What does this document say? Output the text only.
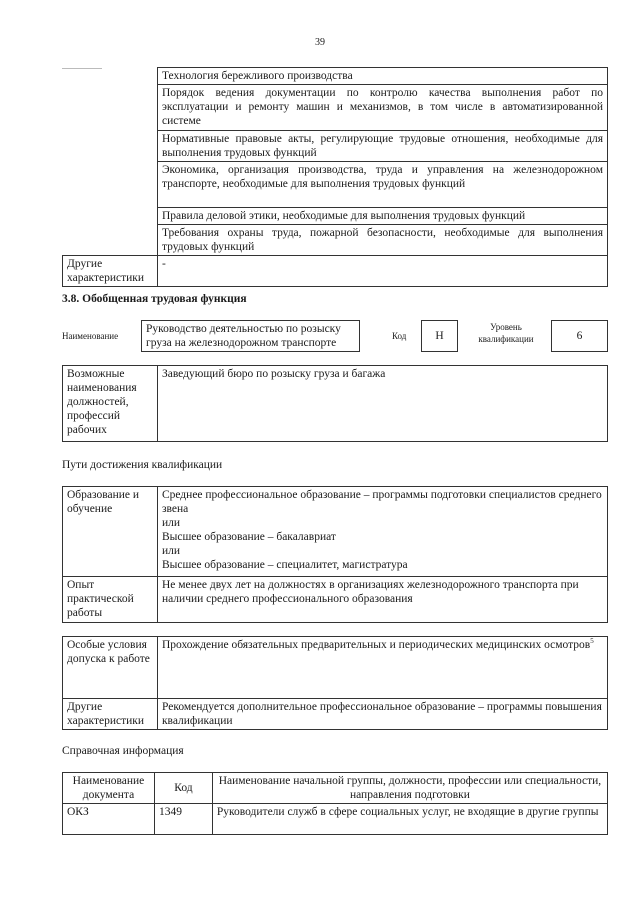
39
	Технология бережливого производства
	Порядок ведения документации по контролю качества выполнения работ по эксплуатации и ремонту машин и механизмов, в том числе в автоматизированной системе
	Нормативные правовые акты, регулирующие трудовые отношения, необходимые для выполнения трудовых функций
	Экономика, организация производства, труда и управления на железнодорожном транспорте, необходимые для выполнения трудовых функций
	Правила деловой этики, необходимые для выполнения трудовых функций
	Требования охраны труда, пожарной безопасности, необходимые для выполнения трудовых функций
Другие характеристики	-
3.8. Обобщенная трудовая функция
Наименование
Руководство деятельностью по розыску груза на железнодорожном транспорте
Код	H
Уровень квалификации	6
Возможные наименования должностей, профессий рабочих	Заведующий бюро по розыску груза и багажа
Пути достижения квалификации
Образование и обучение	Среднее профессиональное образование – программы подготовки специалистов среднего звена
или
Высшее образование – бакалавриат
или
Высшее образование – специалитет, магистратура

Опыт практической работы	Не менее двух лет на должностях в организациях железнодорожного транспорта при наличии среднего профессионального образования
Особые условия допуска к работе	Прохождение обязательных предварительных и периодических медицинских осмотров$^5$
Другие характеристики	Рекомендуется дополнительное профессиональное образование – программы повышения квалификации
Справочная информация
Наименование документа	Код	Наименование начальной группы, должности, профессии или специальности, направления подготовки
ОКЗ	1349	Руководители служб в сфере социальных услуг, не входящие в другие группы
